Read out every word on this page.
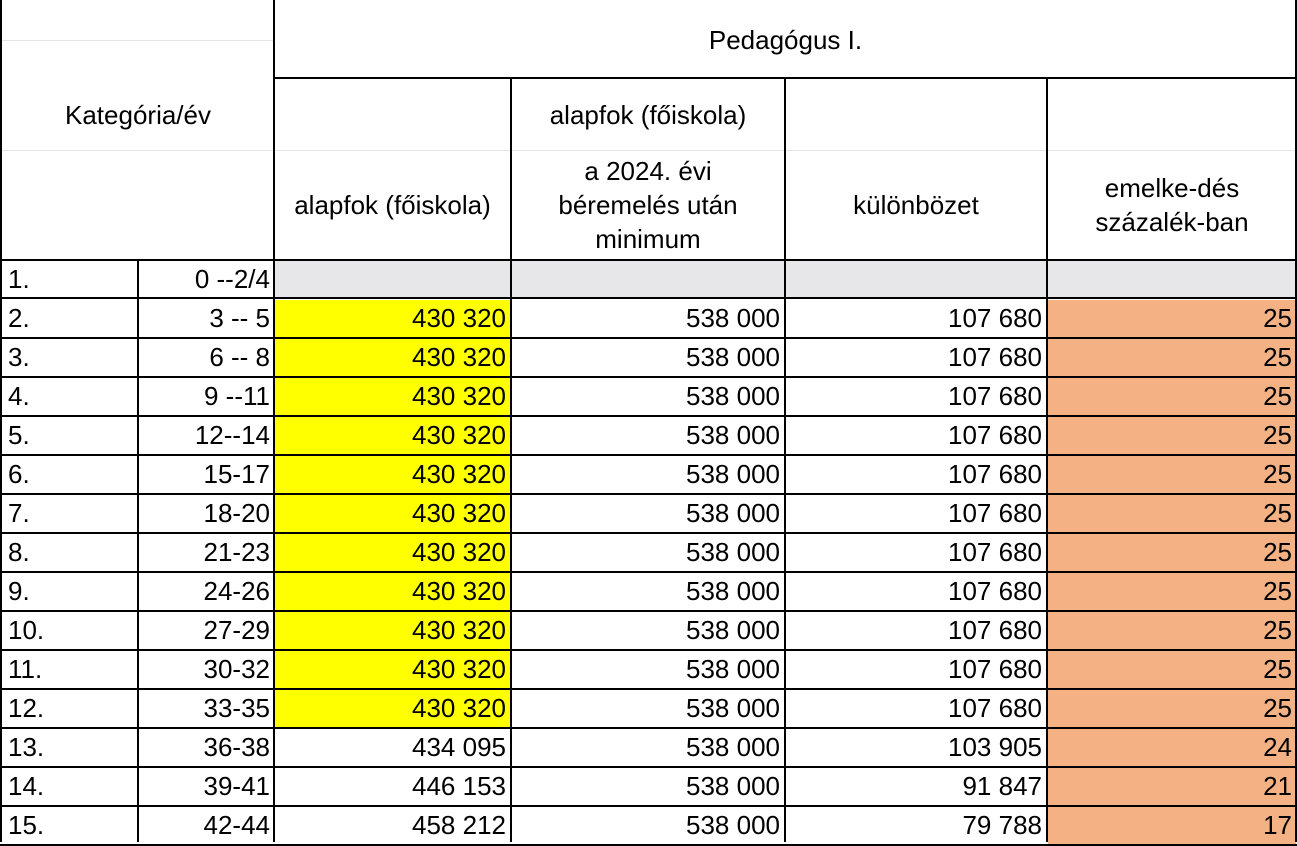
Pedagógus I.
Kategória/év
alapfok (főiskola)
alapfok (főiskola)
a 2024. évi béremelés után minimum
különbözet
emelke-dés százalék-ban
1.	0 --2/4
2.	3 -- 5	430 320	538 000	107 680	25
3.	6 -- 8	430 320	538 000	107 680	25
4.	9 --11	430 320	538 000	107 680	25
5.	12--14	430 320	538 000	107 680	25
6.	15-17	430 320	538 000	107 680	25
7.	18-20	430 320	538 000	107 680	25
8.	21-23	430 320	538 000	107 680	25
9.	24-26	430 320	538 000	107 680	25
10.	27-29	430 320	538 000	107 680	25
11.	30-32	430 320	538 000	107 680	25
12.	33-35	430 320	538 000	107 680	25
13.	36-38	434 095	538 000	103 905	24
14.	39-41	446 153	538 000	91 847	21
15.	42-44	458 212	538 000	79 788	17
